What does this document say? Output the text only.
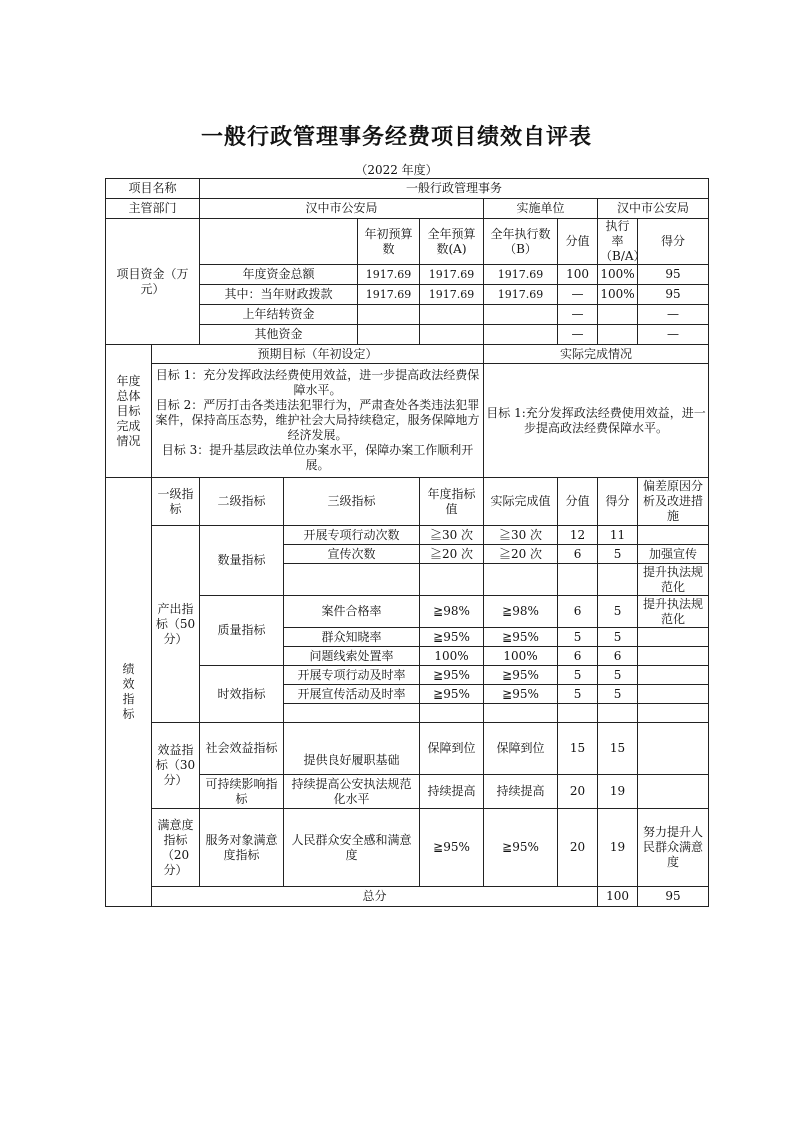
一般行政管理事务经费项目绩效自评表
（2022 年度）
项目名称		一般行政管理事务								
主管部门		汉中市公安局				实施单位		汉中市公安局		
项目资金（万元）				年初预算数	全年预算数(A)	全年执行数（B）	分值	执行率（B/A）	得分	
		年度资金总额		1917.69	1917.69	1917.69	100	100%	95	
		其中：当年财政拨款		1917.69	1917.69	1917.69	—	100%	95	
		上年结转资金					—		—	
		其他资金					—		—	
年度总体目标完成情况	预期目标（年初设定）					实际完成情况				

	目标 1：充分发挥政法经费使用效益，进一步提高政法经费保障水平。
目标 2：严厉打击各类违法犯罪行为，严肃查处各类违法犯罪案件，保持高压态势，维护社会大局持续稳定，服务保障地方经济发展。
目标 3：提升基层政法单位办案水平，保障办案工作顺利开展。					目标 1:充分发挥政法经费使用效益，进一步提高政法经费保障水平。				
绩效指标	一级指标	二级指标	三级指标		年度指标值	实际完成值	分值	得分	偏差原因分析及改进措施	
	产出指标（50分）	数量指标	开展专项行动次数		≧30 次	≧30 次	12	11		
			宣传次数		≧20 次	≧20 次	6	5	加强宣传	
									提升执法规范化	
		质量指标	案件合格率		≧98%	≧98%	6	5	提升执法规范化	
			群众知晓率		≧95%	≧95%	5	5		
			问题线索处置率		100%	100%	6	6		
		时效指标	开展专项行动及时率		≧95%	≧95%	5	5		
			开展宣传活动及时率		≧95%	≧95%	5	5		

	效益指标（30分）	社会效益指标	提供良好履职基础		保障到位	保障到位	15	15		
		可持续影响指标	持续提高公安执法规范化水平		持续提高	持续提高	20	19		
	满意度指标（20分）	服务对象满意度指标	人民群众安全感和满意度		≧95%	≧95%	20	19	努力提升人民群众满意度	
	总分							100	95	
